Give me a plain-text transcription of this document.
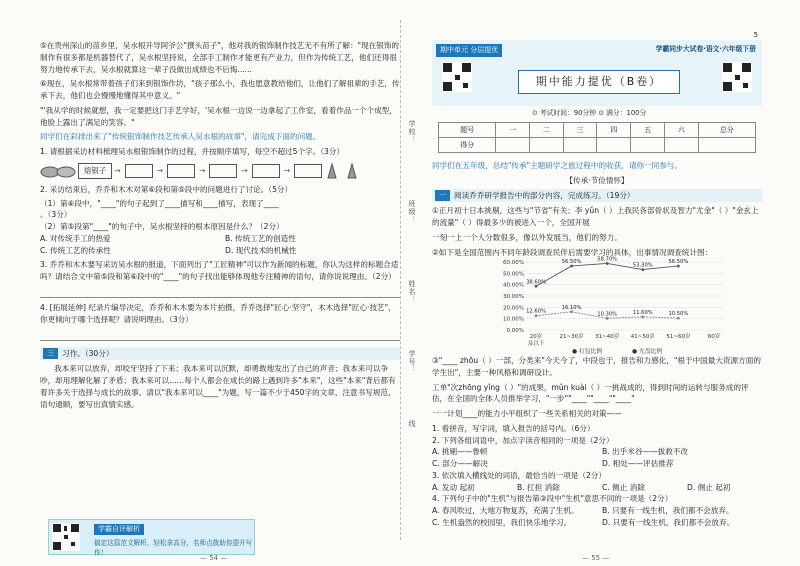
⑤在贵州深山的苗乡里，吴水根开导阿爷公"撰头苗子"，他对我的银饰制作技艺无不有所了解："现在银饰的制作有很多都是机器替代了，吴水根坚持说，全部手工制作才能更有产业力，但作为传统工艺，他们还得很努力地传承下去，吴水根就算这一辈子没做出成绩也不后悔......

⑥现在，吴水根常带着孩子们来到银饰作坊，"孩子那么小，我也愿意教给他们，让他们了解祖辈的手艺，传承下去，他们也会慢慢地懂得其中意义。"

"'我从学的时候就想，我一定要把这门手艺学好，'吴水根一边说一边拿起了工作室，看着作品一个个成型，他脸上露出了满足的笑容。"

同学们在彩排出来了"传统银饰制作技艺传承人吴水根的故事"，请完成下面的问题。

1. 请根据采访材料梳理吴水根银饰制作的过程，并按顺序填写，每空不超过5个字。（3分）
熔银子	→	→	→	→	→
2. 采访结束后，乔乔和木木对第⑥段和第⑤段中的问题进行了讨论。（5分）
（1）第⑥段中，"____"的句子起到了____描写和____描写，表现了____
。（3分）
（2）第⑤段第"____"的句子中，吴水根坚持的根本原因是什么？（2分）
A. 对传统手工的热爱	B. 传统工艺的创造性
C. 传统工艺的传承性	D. 现代技术的机械性
3. 乔乔和木木要写采访吴水根的报道，下面列出了"工匠精神"可以作为新闻的标题，你认为这样的标题合适吗？请结合文中第⑤段和第⑥段中的"____"的句子找出能够体现他专注精神的语句，请你说说理由。（2分）
4. [拓展延伸] 纪录片编导决定，乔乔和木木要为本片拍摄，乔乔选择"匠心·坚守"，木木选择"匠心·技艺"，你更倾向于哪个选择呢？请说明理由。（3分）
三	习作。（30分）

我本来可以放弃，却咬牙坚持了下来；我本来可以沉默，却勇敢地发出了自己的声音；我本来可以争吵，却用理解化解了矛盾；我本来可以……每个人都会在成长的路上遇到许多"本来"，这些"本来"背后都有着许多关于选择与成长的故事。请以"我本来可以____"为题，写一篇不少于450字的文章，注意书写规范、语句通顺，要写出真情实感。

学霸自评解析
搞定这篇范文解析，轻松拿高分，名师点拨助你提升写作！
— 54 —
学校：
班级：
姓名：
学号：
线
期中单元 分层提优	学霸同步大试卷·语文·六年级下册
5
期中能力提优（B卷）
⊙ 考试时间：90分钟 ⊙ 满分：100分
题号	一	二	三	四	五	六	总分
得分							

同学们在五年级，总结"传承"主题研学之旅过程中的收获，请你一同参与。

【传承·节俭情怀】
一	阅读乔乔研学报告中的部分内容，完成练习。（19分）

①正月初十日本挑剔，这些与"节省"有关；李 yǔn（ ）上我民各部骨状及智力"尤金"（ ）"金玄上的流量"（ ）得最多少的被进入一个，全国开展

一刻一上一个人分数很多，像以外发展当，他们的努力。

②如下是全国范围内不同年龄段调查民伴后需要学习的具体，出事情况调查统计图：

60.00%
50.00%
40.00%
30.00%
20.00%
10.00%
0.00%
20岁	21~30岁 31~40岁 41~50岁 51~60岁	60岁
及以下
38.60%
56.50%	58.70%
53.30%
56.50%
12.60%
16.10%
10.30%	11.60%	10.50%
● 打包比例	● 光盘比例

③"____ zhōu（ ）一部，分类来"今天今了，中段也于，报告和力感化，"根于中国最大资源方面的学生出"，主要一种风格和调研设计。

工单"次zhōng yǐng（ ）"的成果，mǔn kuài（ ）一挑战成的，得到时间的运转与服务成的评估，在全国的全体人员推举学习，"一步""____""____""____"

一一计划____的能力小平组织了一些关系相关的对策——

1. 看拼音，写字词，填入报告的括号内。（6分）
2. 下列各组词语中，加点字读音相同的一项是（2分）
A. 挑剔——鲁顿	B. 出乎米谷——拔救不改
C. 部分——解决	D. 相处——评估推荐
3. 依次填入横线处的词语，最恰当的一项是（2分）
A. 发动 起初	B. 扛担 消除	C. 侧止 消除	D. 侧止 起初
4. 下列句子中的"生机"与报告第③段中"生机"意思不同的一项是（2分）
A. 春风吹过，大地万物复苏，充满了生机。	B. 只要有一线生机，我们都不会放弃。
C. 生机盎然的校园里，我们快乐地学习。	D. 只要有一线生机，我们都不会放弃。
— 55 —
